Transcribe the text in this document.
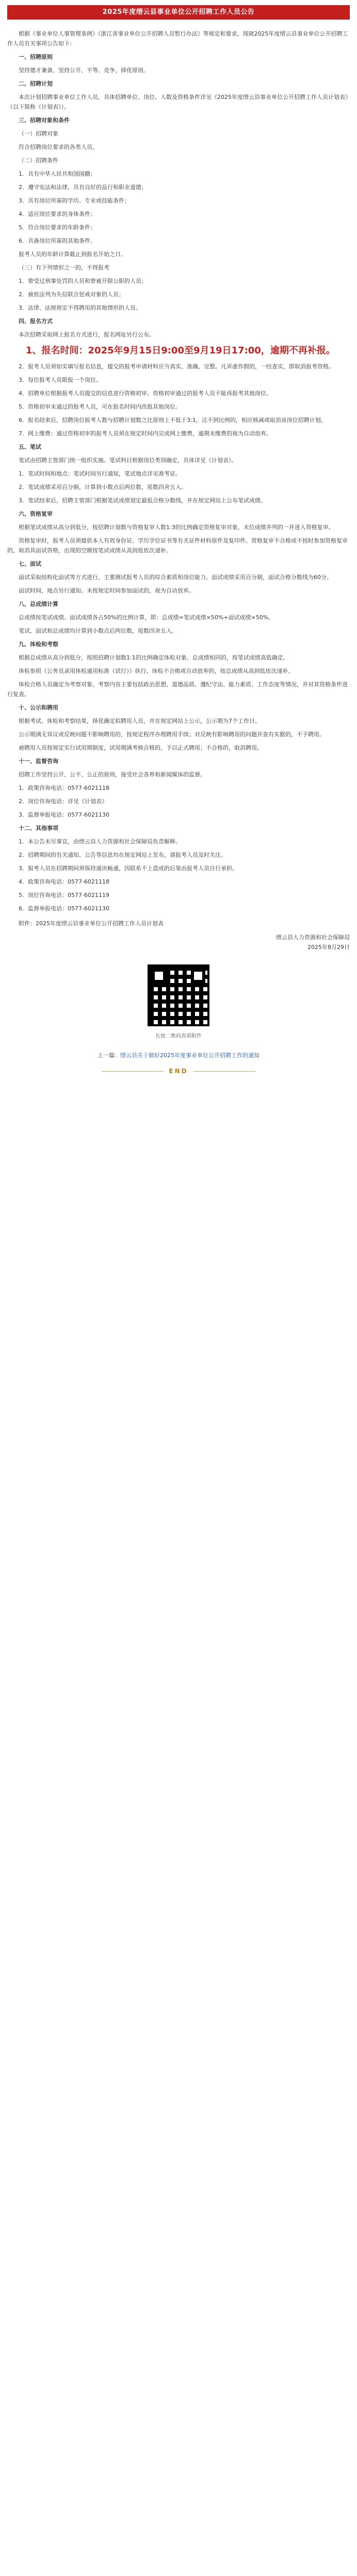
2025年度缙云县事业单位公开招聘工作人员公告

根据《事业单位人事管理条例》《浙江省事业单位公开招聘人员暂行办法》等规定和要求，现就2025年度缙云县事业单位公开招聘工作人员有关事项公告如下：

一、招聘原则

坚持德才兼备，坚持公开、平等、竞争、择优原则。

二、招聘计划

本次计划招聘事业单位工作人员，具体招聘单位、岗位、人数及资格条件详见《2025年度缙云县事业单位公开招聘工作人员计划表》（以下简称《计划表》）。

三、招聘对象和条件

（一）招聘对象

符合招聘岗位要求的各类人员。

（二）招聘条件

1．具有中华人民共和国国籍；

2．遵守宪法和法律，具有良好的品行和职业道德；

3．具有岗位所需的学历、专业或技能条件；

4．适应岗位要求的身体条件；

5．符合岗位要求的年龄条件；

6．具备岗位所需的其他条件。

报考人员的年龄计算截止到报名开始之日。

（三）有下列情形之一的，不得报考

1．曾受过刑事处罚的人员和曾被开除公职的人员；

2．被依法列为失信联合惩戒对象的人员；

3．法律、法规规定不得聘用的其他情形的人员。

四、报名方式

本次招聘采取网上报名方式进行，报名网址另行公布。

1、报名时间：2025年9月15日9:00至9月19日17:00，逾期不再补报。

2．报考人员须如实填写报名信息，提交的报考申请材料应当真实、准确、完整。凡弄虚作假的，一经查实，即取消报考资格。

3．每位报考人员限报一个岗位。

4．招聘单位根据报考人员提交的信息进行资格初审。资格初审通过的报考人员不能再报考其他岗位。

5．资格初审未通过的报考人员，可在报名时间内改报其他岗位。

6．报名结束后，招聘岗位报考人数与招聘计划数之比原则上不低于3:1，达不到比例的，相应核减或取消该岗位招聘计划。

7．网上缴费：通过资格初审的报考人员须在规定时间内完成网上缴费，逾期未缴费的视为自动放弃。

五、笔试

笔试由招聘主管部门统一组织实施。笔试科目根据岗位类别确定，具体详见《计划表》。

1．笔试时间和地点：笔试时间另行通知，笔试地点详见准考证。

2．笔试成绩采用百分制，计算到小数点后两位数，尾数四舍五入。

3．笔试结束后，招聘主管部门根据笔试成绩划定最低合格分数线，并在规定网站上公布笔试成绩。

六、资格复审

根据笔试成绩从高分到低分，按招聘计划数与资格复审人数1:3的比例确定资格复审对象，末位成绩并列的一并进入资格复审。

资格复审时，报考人员须提供本人有效身份证、学历学位证书等有关证件材料原件及复印件。资格复审不合格或不按时参加资格复审的，取消其面试资格，出现的空额按笔试成绩从高到低依次递补。

七、面试

面试采取结构化面试等方式进行，主要测试报考人员的综合素质和岗位能力。面试成绩采用百分制，面试合格分数线为60分。

面试时间、地点另行通知。未按规定时间参加面试的，视为自动放弃。

八、总成绩计算

总成绩按笔试成绩、面试成绩各占50%的比例计算，即：总成绩=笔试成绩×50%+面试成绩×50%。

笔试、面试和总成绩均计算到小数点后两位数，尾数四舍五入。

九、体检和考察

根据总成绩从高分到低分，按照招聘计划数1:1的比例确定体检对象。总成绩相同的，按笔试成绩高低确定。

体检参照《公务员录用体检通用标准（试行）》执行。体检不合格或自动放弃的，按总成绩从高到低依次递补。

体检合格人员确定为考察对象。考察内容主要包括政治思想、道德品质、遵纪守法、能力素质、工作态度等情况，并对其资格条件进行复查。

十、公示和聘用

根据考试、体检和考察结果，择优确定拟聘用人员，并在规定网站上公示，公示期为7个工作日。

公示期满无异议或反映问题不影响聘用的，按规定程序办理聘用手续；对反映有影响聘用的问题并查有实据的，不予聘用。

被聘用人员按规定实行试用期制度，试用期满考核合格的，予以正式聘用；不合格的，取消聘用。

十一、监督咨询

招聘工作坚持公开、公平、公正的原则，接受社会各界和新闻媒体的监督。

1．政策咨询电话：0577-6021118

2．岗位咨询电话：详见《计划表》

3．监督举报电话：0577-6021130

十二、其他事项

1．本公告未尽事宜，由缙云县人力资源和社会保障局负责解释。

2．招聘期间的有关通知、公告等信息均在规定网站上发布，请报考人员及时关注。

3．报考人员在招聘期间须保持通讯畅通，因联系不上造成的后果由报考人员自行承担。

4．政策咨询电话：0577-6021118

5．岗位咨询电话：0577-6021119

6．监督举报电话：0577-6021130

附件：2025年度缙云县事业单位公开招聘工作人员计划表
缙云县人力资源和社会保障局
2025年8月29日
长按二维码查看附件
上一篇：缙云县关于做好2025年度事业单位公开招聘工作的通知
END
